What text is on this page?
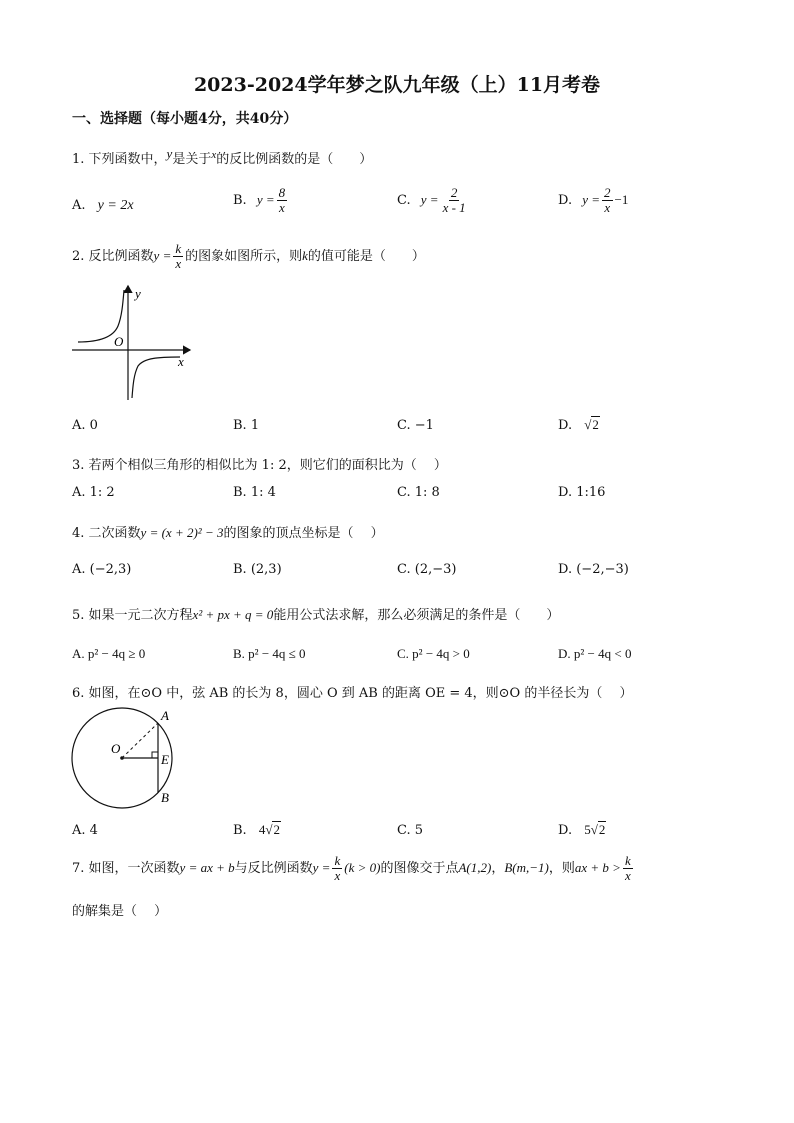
2023-2024学年梦之队九年级（上）11月考卷
一、选择题（每小题4分，共40分）
1. 下列函数中，y是关于$^x$的反比例函数的是（　　）
A. y = 2x	B. $y = \frac{8}{x}$	C. $y = \frac{2}{x - 1}$	D. $y = \frac{2}{x} -1$
2. 反比例函数$y = \frac{k}{x}$ 的图象如图所示，则k的值可能是（　　）
y
x
O
A. 0	B. 1	C. −1	D. √2
3. 若两个相似三角形的相似比为 1: 2，则它们的面积比为（　 ）
A. 1: 2	B. 1: 4	C. 1: 8	D. 1:16
4. 二次函数y = (x + 2)² − 3的图象的顶点坐标是（　 ）
A. (−2,3)	B. (2,3)	C. (2,−3)	D. (−2,−3)
5. 如果一元二次方程x² + px + q = 0能用公式法求解，那么必须满足的条件是（　　）
A. p² − 4q ≥ 0	B. p² − 4q ≤ 0	C. p² − 4q > 0	D. p² − 4q < 0
6. 如图，在⊙O 中，弦 AB 的长为 8，圆心 O 到 AB 的距离 OE = 4，则⊙O 的半径长为（　 ）
O
A
E
B
A. 4	B. 4√2	C. 5	D. 5√2
7. 如图，一次函数y = ax + b与反比例函数$y = \frac{k}{x} (k > 0)$的图像交于点A(1,2)，B(m,−1)，则ax + $b > \frac{k}{x}$
的解集是（　 ）
